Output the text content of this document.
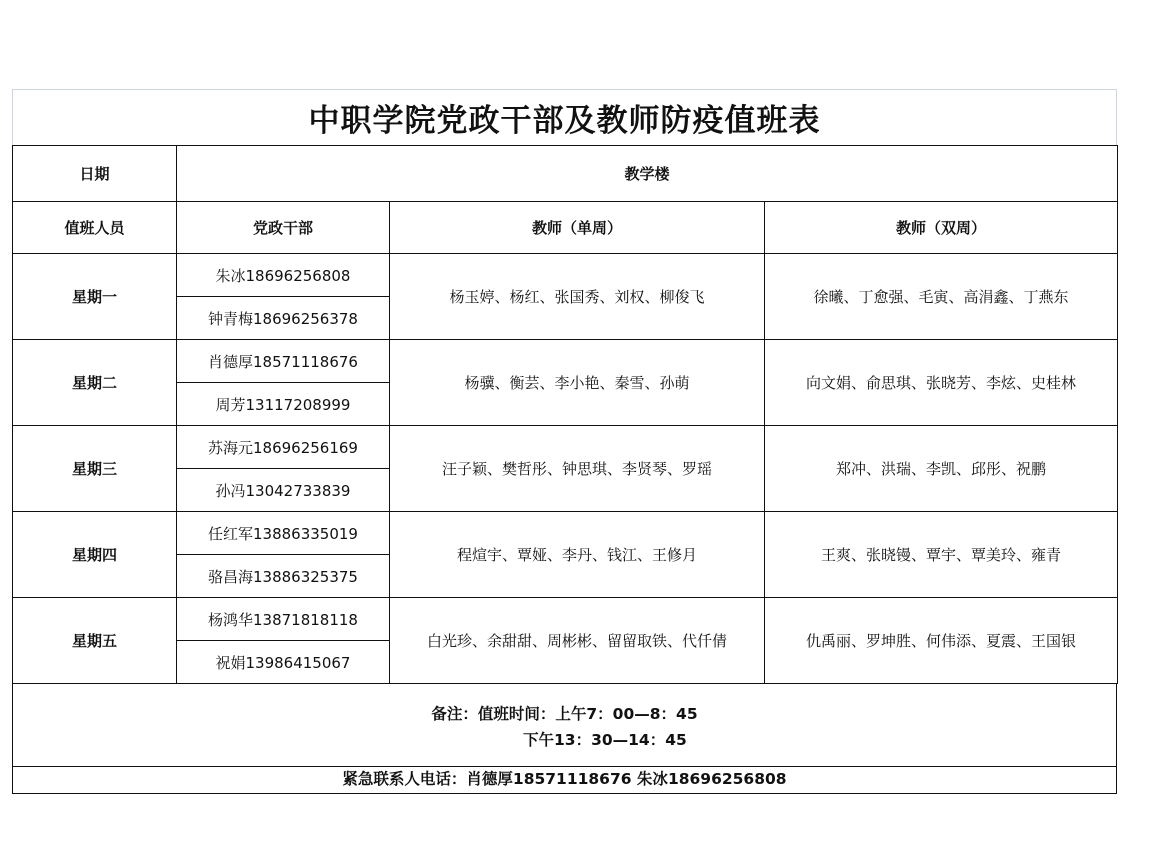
中职学院党政干部及教师防疫值班表
日期	教学楼		
值班人员	党政干部	教师（单周）	教师（双周）
星期一	朱冰18696256808	杨玉婷、杨红、张国秀、刘权、柳俊飞	徐曦、丁愈强、毛寅、高涓鑫、丁燕东
	钟青梅18696256378		
星期二	肖德厚18571118676	杨骥、衡芸、李小艳、秦雪、孙萌	向文娟、俞思琪、张晓芳、李炫、史桂林
	周芳13117208999		
星期三	苏海元18696256169	汪子颖、樊哲彤、钟思琪、李贤琴、罗瑶	郑冲、洪瑞、李凯、邱彤、祝鹏
	孙冯13042733839		
星期四	任红军13886335019	程煊宇、覃娅、李丹、钱江、王修月	王爽、张晓镘、覃宇、覃美玲、雍青
	骆昌海13886325375		
星期五	杨鸿华13871818118	白光珍、余甜甜、周彬彬、留留取铁、代仟倩	仇禹丽、罗坤胜、何伟添、夏震、王国银
	祝娟13986415067		
备注：值班时间：上午7：00—8：45
下午13：30—14：45
紧急联系人电话：肖德厚18571118676 朱冰18696256808
